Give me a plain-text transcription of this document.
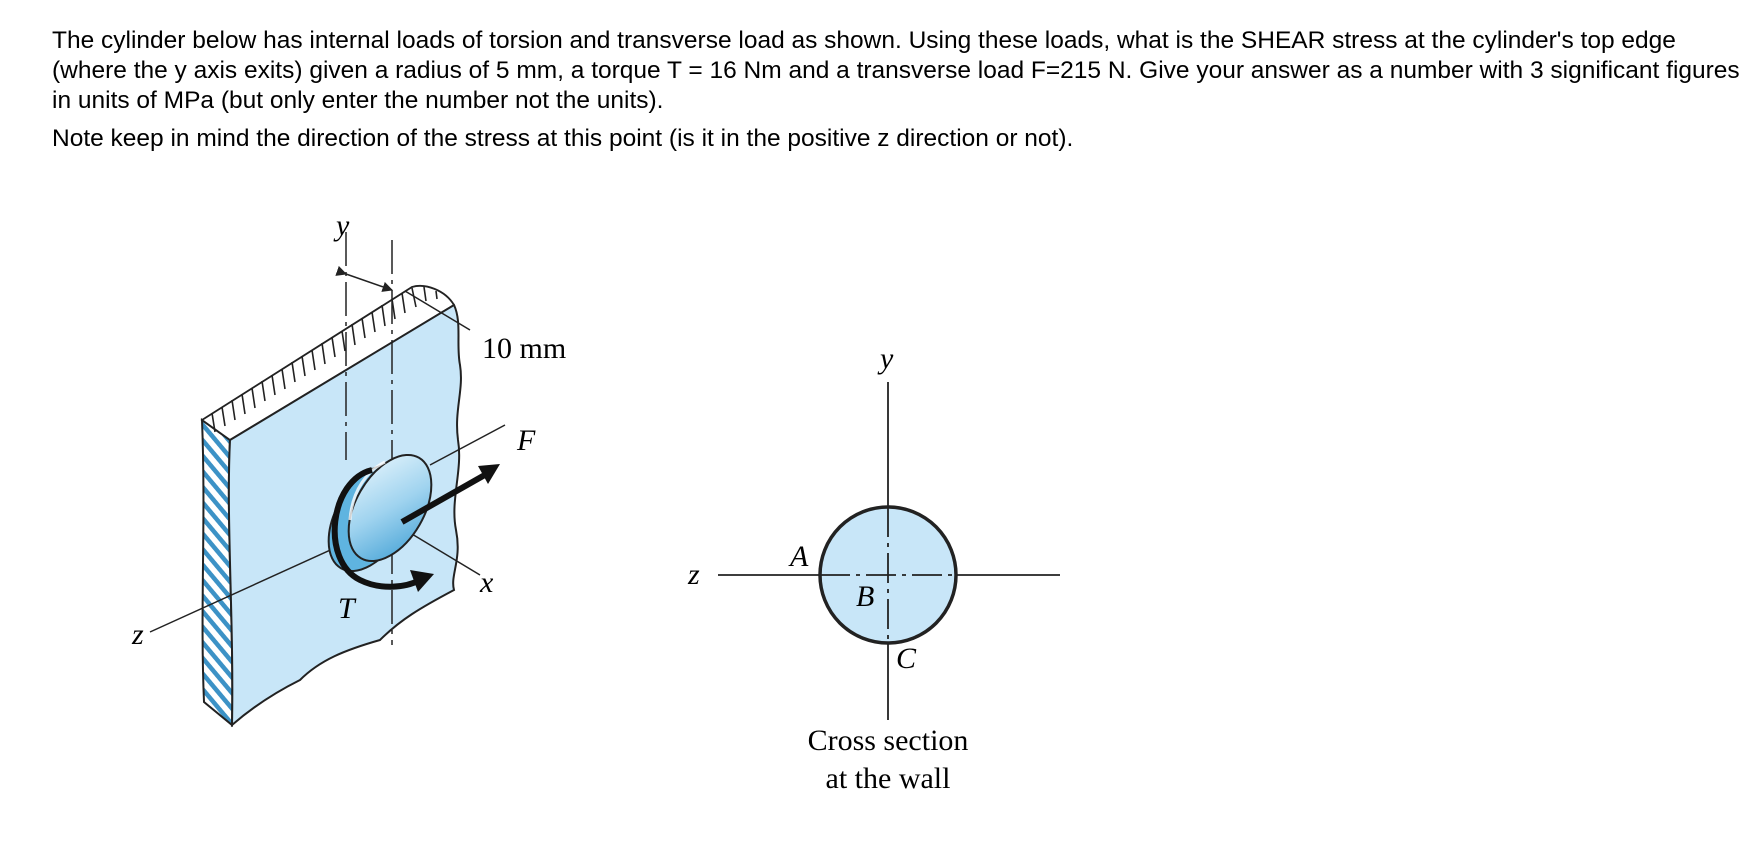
The cylinder below has internal loads of torsion and transverse load as shown. Using these loads, what is the SHEAR stress at the cylinder's top edge (where the y axis exits) given a radius of 5 mm, a torque T = 16 Nm and a transverse load F=215 N. Give your answer as a number with 3 significant figures in units of MPa (but only enter the number not the units).

Note keep in mind the direction of the stress at this point (is it in the positive z direction or not).

y
10 mm
F
x
T
z
y
z
A
B
C
Cross section
at the wall
